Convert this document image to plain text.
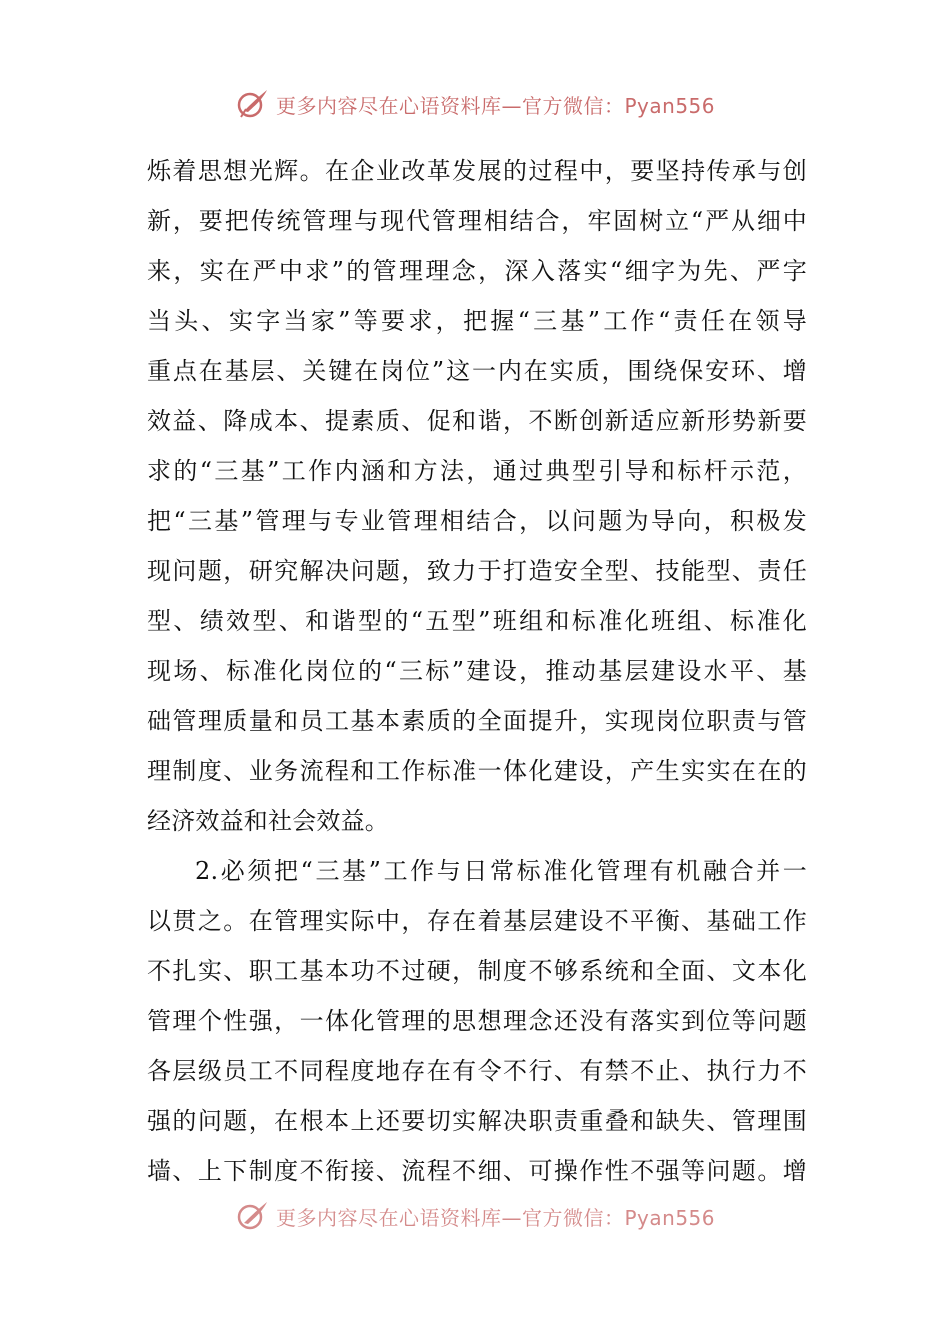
更多内容尽在心语资料库—官方微信：Pyan556
烁着思想光辉。在企业改革发展的过程中，要坚持传承与创
新，要把传统管理与现代管理相结合，牢固树立“严从细中
来，实在严中求”的管理理念，深入落实“细字为先、严字
当头、实字当家”等要求，把握“三基”工作“责任在领导
重点在基层、关键在岗位”这一内在实质，围绕保安环、增
效益、降成本、提素质、促和谐，不断创新适应新形势新要
求的“三基”工作内涵和方法，通过典型引导和标杆示范，
把“三基”管理与专业管理相结合，以问题为导向，积极发
现问题，研究解决问题，致力于打造安全型、技能型、责任
型、绩效型、和谐型的“五型”班组和标准化班组、标准化
现场、标准化岗位的“三标”建设，推动基层建设水平、基
础管理质量和员工基本素质的全面提升，实现岗位职责与管
理制度、业务流程和工作标准一体化建设，产生实实在在的
经济效益和社会效益。
2.必须把“三基”工作与日常标准化管理有机融合并一
以贯之。在管理实际中，存在着基层建设不平衡、基础工作
不扎实、职工基本功不过硬，制度不够系统和全面、文本化
管理个性强，一体化管理的思想理念还没有落实到位等问题
各层级员工不同程度地存在有令不行、有禁不止、执行力不
强的问题，在根本上还要切实解决职责重叠和缺失、管理围
墙、上下制度不衔接、流程不细、可操作性不强等问题。增
更多内容尽在心语资料库—官方微信：Pyan556
